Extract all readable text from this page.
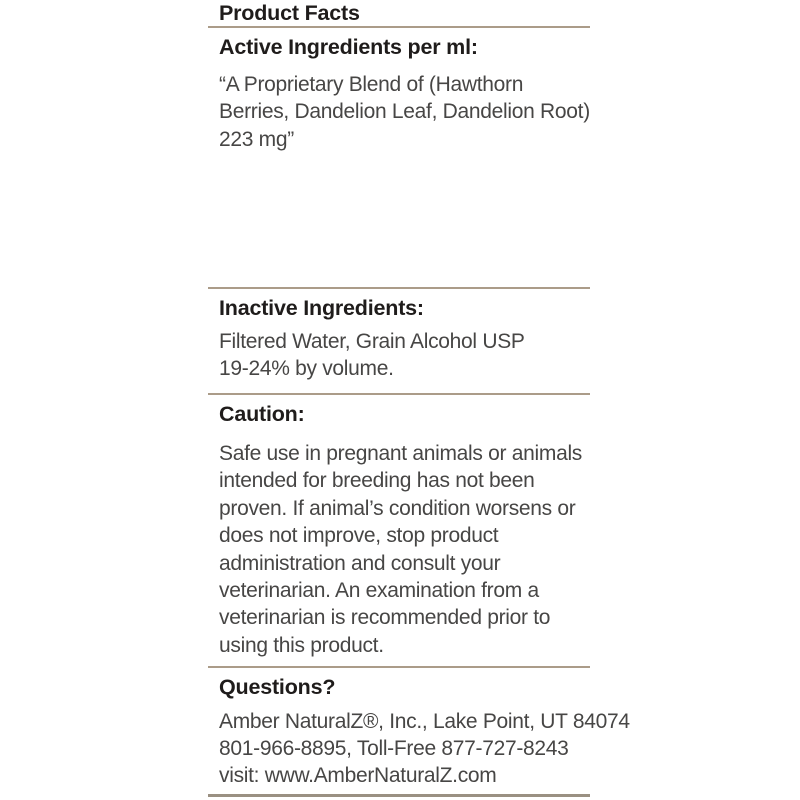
Product Facts
Active Ingredients per ml:
“A Proprietary Blend of (Hawthorn
Berries, Dandelion Leaf, Dandelion Root)
223 mg”
Inactive Ingredients:
Filtered Water, Grain Alcohol USP
19-24% by volume.
Caution:
Safe use in pregnant animals or animals
intended for breeding has not been
proven. If animal’s condition worsens or
does not improve, stop product
administration and consult your
veterinarian. An examination from a
veterinarian is recommended prior to
using this product.
Questions?
Amber NaturalZ®, Inc., Lake Point, UT 84074
801-966-8895, Toll-Free 877-727-8243
visit: www.AmberNaturalZ.com
